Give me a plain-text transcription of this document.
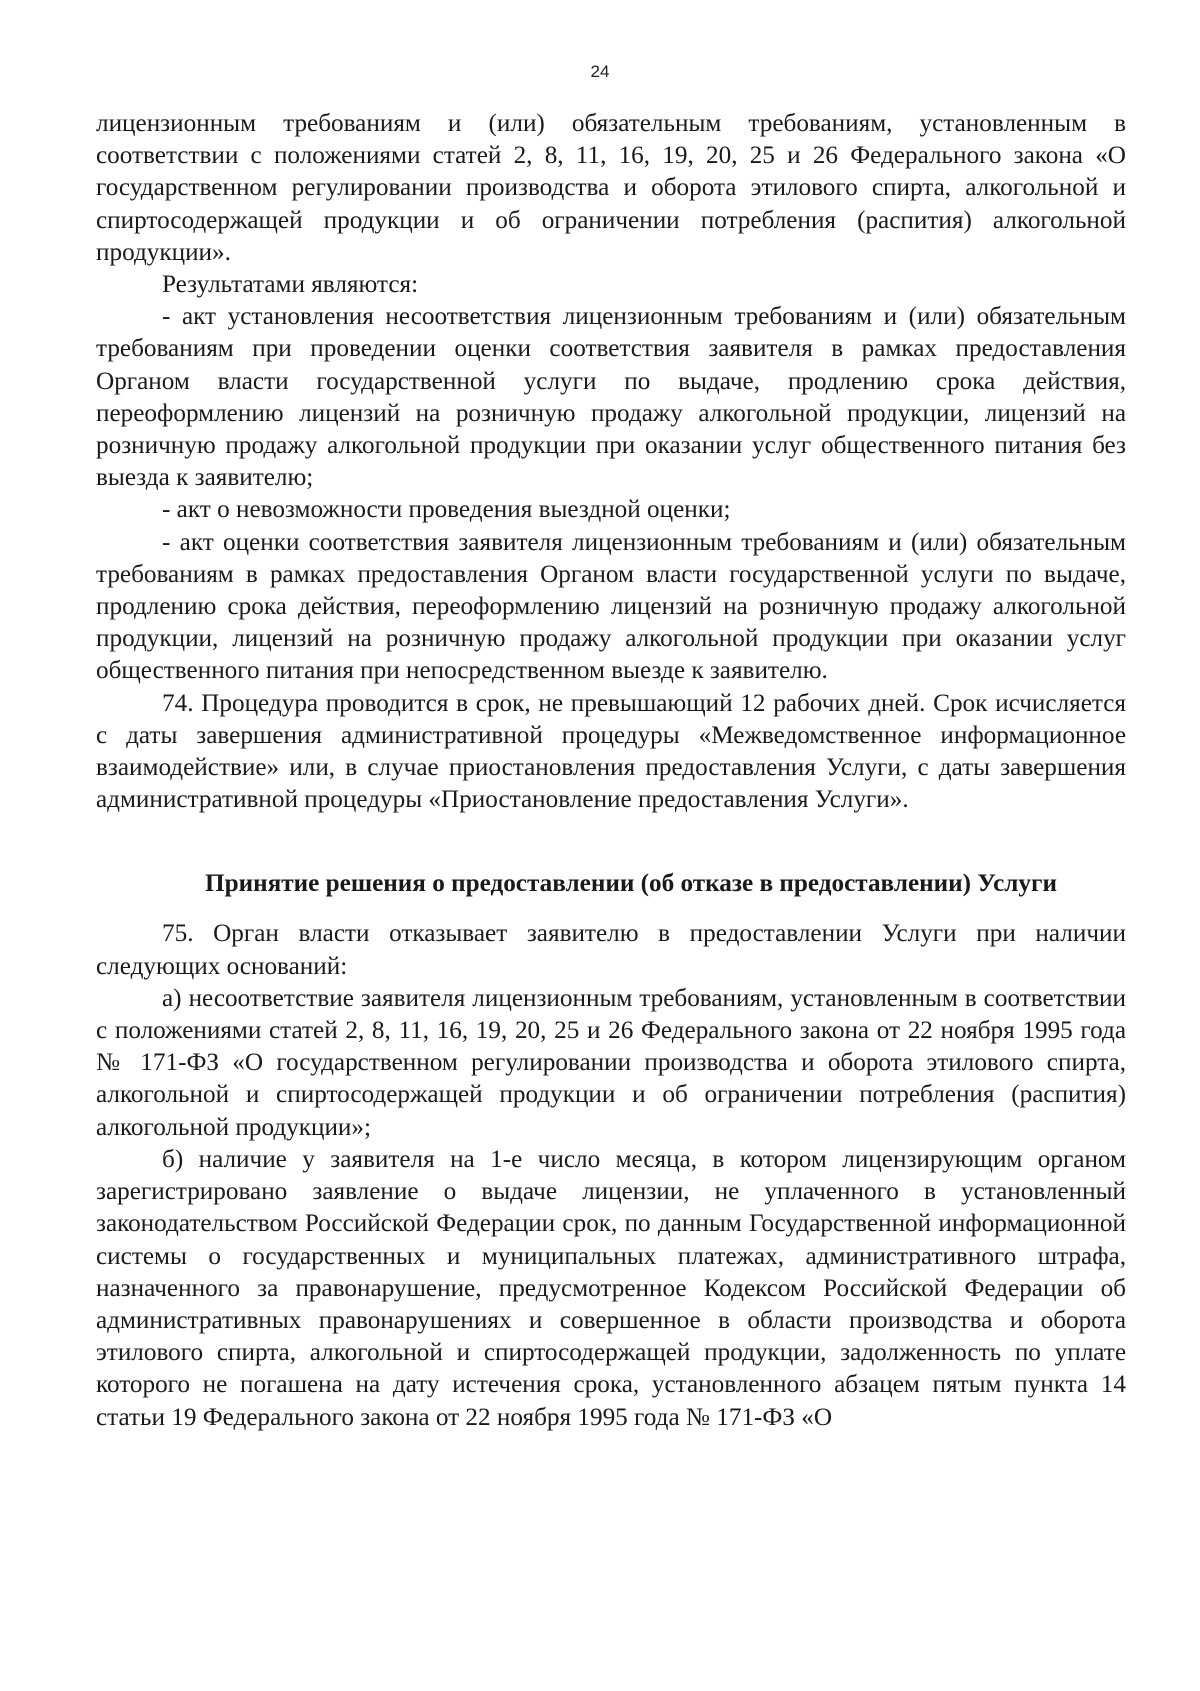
24

лицензионным требованиям и (или) обязательным требованиям, установленным в соответствии с положениями статей 2, 8, 11, 16, 19, 20, 25 и 26 Федерального закона «О государственном регулировании производства и оборота этилового спирта, алкогольной и спиртосодержащей продукции и об ограничении потребления (распития) алкогольной продукции».

Результатами являются:

- акт установления несоответствия лицензионным требованиям и (или) обязательным требованиям при проведении оценки соответствия заявителя в рамках предоставления Органом власти государственной услуги по выдаче, продлению срока действия, переоформлению лицензий на розничную продажу алкогольной продукции, лицензий на розничную продажу алкогольной продукции при оказании услуг общественного питания без выезда к заявителю;

- акт о невозможности проведения выездной оценки;

- акт оценки соответствия заявителя лицензионным требованиям и (или) обязательным требованиям в рамках предоставления Органом власти государственной услуги по выдаче, продлению срока действия, переоформлению лицензий на розничную продажу алкогольной продукции, лицензий на розничную продажу алкогольной продукции при оказании услуг общественного питания при непосредственном выезде к заявителю.

74. Процедура проводится в срок, не превышающий 12 рабочих дней. Срок исчисляется с даты завершения административной процедуры «Межведомственное информационное взаимодействие» или, в случае приостановления предоставления Услуги, с даты завершения административной процедуры «Приостановление предоставления Услуги».

Принятие решения о предоставлении (об отказе в предоставлении) Услуги

75. Орган власти отказывает заявителю в предоставлении Услуги при наличии следующих оснований:

а) несоответствие заявителя лицензионным требованиям, установленным в соответствии с положениями статей 2, 8, 11, 16, 19, 20, 25 и 26 Федерального закона от 22 ноября 1995 года № 171-ФЗ «О государственном регулировании производства и оборота этилового спирта, алкогольной и спиртосодержащей продукции и об ограничении потребления (распития) алкогольной продукции»;

б) наличие у заявителя на 1-е число месяца, в котором лицензирующим органом зарегистрировано заявление о выдаче лицензии, не уплаченного в установленный законодательством Российской Федерации срок, по данным Государственной информационной системы о государственных и муниципальных платежах, административного штрафа, назначенного за правонарушение, предусмотренное Кодексом Российской Федерации об административных правонарушениях и совершенное в области производства и оборота этилового спирта, алкогольной и спиртосодержащей продукции, задолженность по уплате которого не погашена на дату истечения срока, установленного абзацем пятым пункта 14 статьи 19 Федерального закона от 22 ноября 1995 года № 171-ФЗ «О
